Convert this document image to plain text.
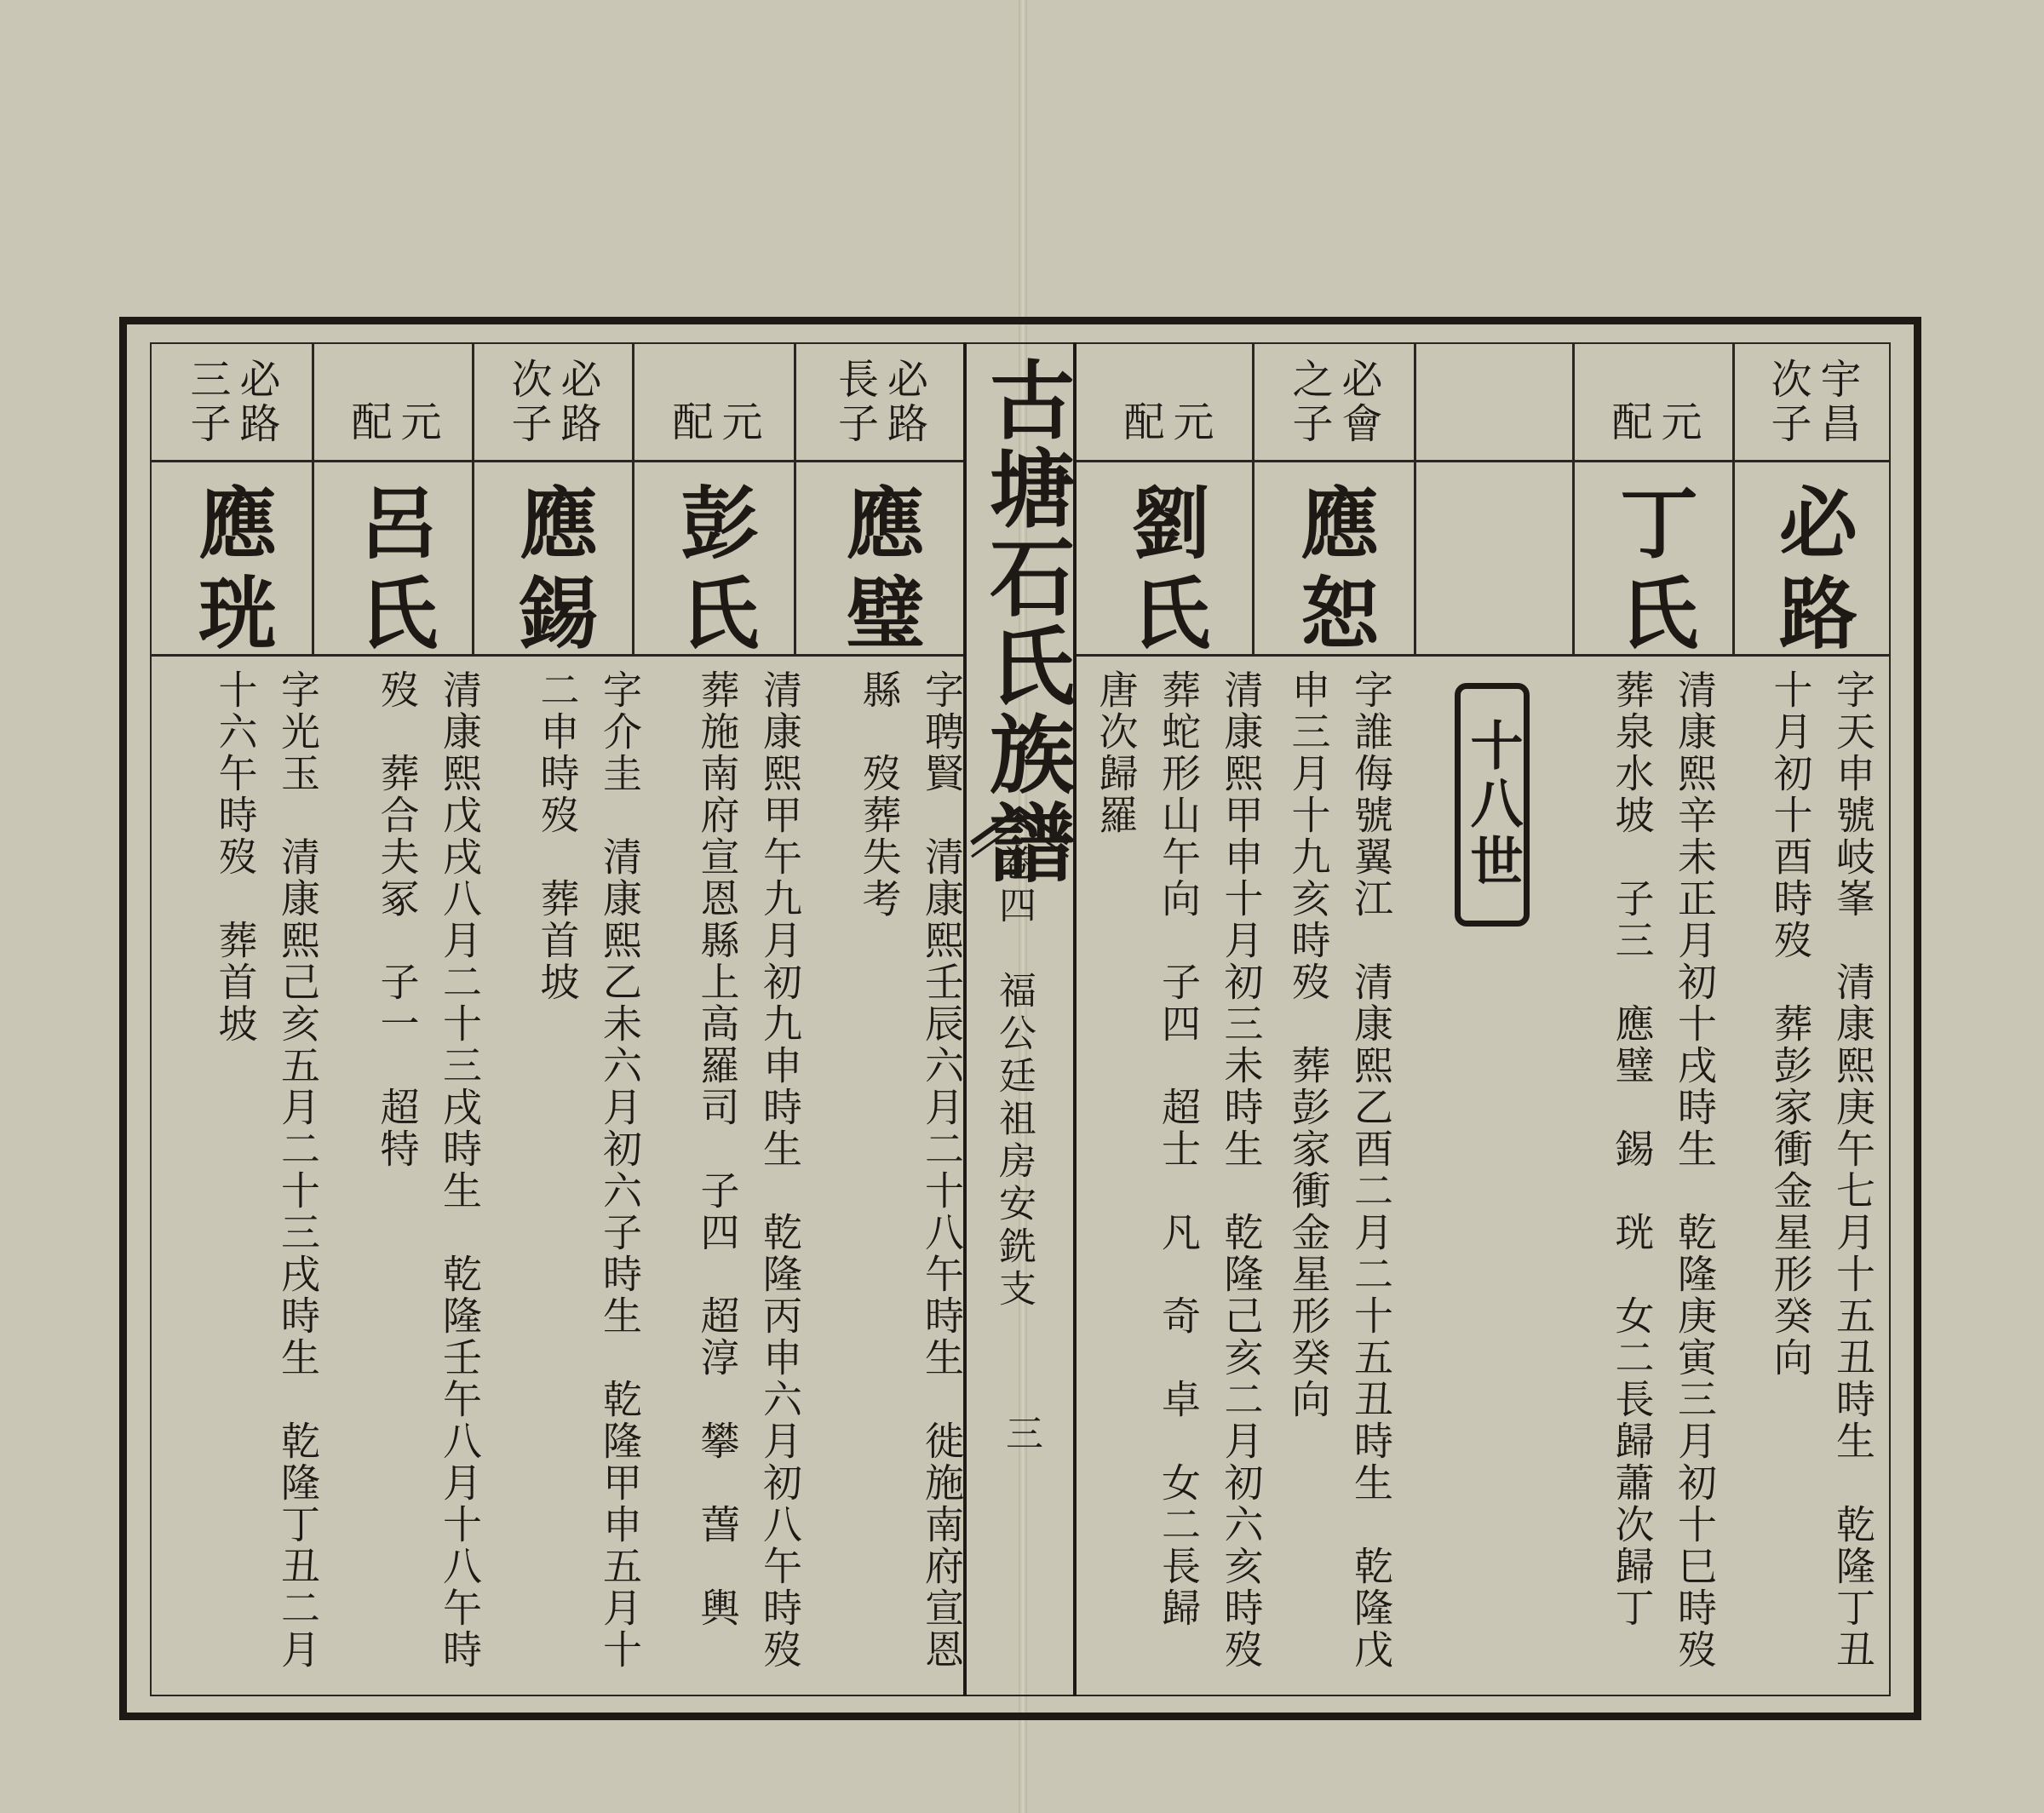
古塘石氏族譜
卷四　福公廷祖房安銑支
三
十八世
宇昌
次子
必路
字天申號岐峯　清康熙庚午七月十五丑時生　乾隆丁丑
十月初十酉時歿　葬彭家衝金星形癸向
元
配
丁氏
清康熙辛未正月初十戌時生　乾隆庚寅三月初十巳時歿
葬泉水坡　子三　應璧　錫　珖　女二長歸蕭次歸丁
必會
之子
應恕
字誰侮號翼江　清康熙乙酉二月二十五丑時生　乾隆戊
申三月十九亥時歿　葬彭家衝金星形癸向
元
配
劉氏
清康熙甲申十月初三未時生　乾隆己亥二月初六亥時歿
葬蛇形山午向　子四　超士　凡　奇　卓　女二長歸
唐次歸羅
必路
長子
應璧
字聘賢　清康熙壬辰六月二十八午時生　徙施南府宣恩
縣　歿葬失考
元
配
彭氏
清康熙甲午九月初九申時生　乾隆丙申六月初八午時歿
葬施南府宣恩縣上高羅司　子四　超淳　攀　萅　輿
必路
次子
應錫
字介圭　清康熙乙未六月初六子時生　乾隆甲申五月十
二申時歿　葬首坡
元
配
呂氏
清康熙戊戌八月二十三戌時生　乾隆壬午八月十八午時
歿　葬合夫冢　子一　超特
必路
三子
應珖
字光玉　清康熙己亥五月二十三戌時生　乾隆丁丑二月
十六午時歿　葬首坡
